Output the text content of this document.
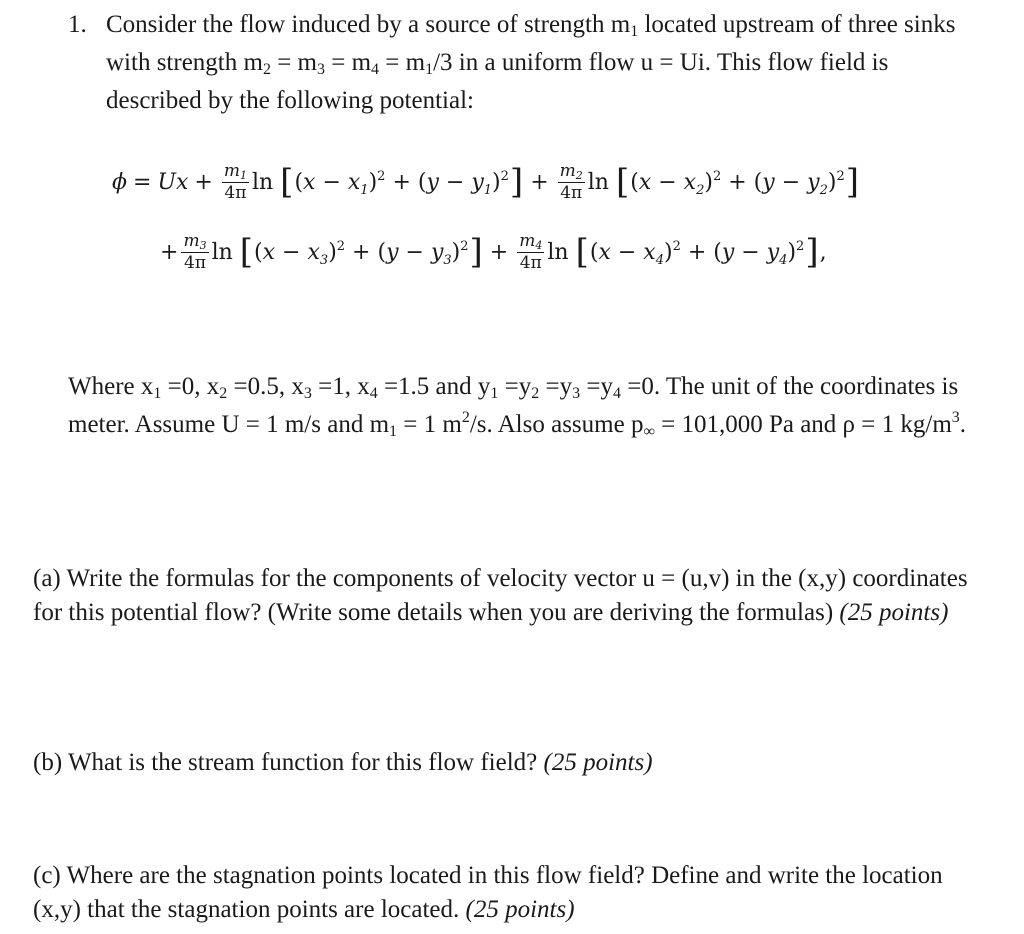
1. Consider the flow induced by a source of strength $m_1$ located upstream of three sinks with strength $m_2 = m_3 = m_4 = m_1/3$ in a uniform flow u = Ui. This flow field is described by the following potential:
$\phi = Ux + \frac{m_1}{4\pi}$ ln [ $(x - x_1)^2 + (y - y_1)^2$ ] + $\frac{m_2}{4\pi}$ ln [ $(x - x_2)^2 + (y - y_2)^2$ ]
+ $\frac{m_3}{4\pi}$ ln [ $(x - x_3)^2 + (y - y_3)^2$ ] + $\frac{m_4}{4\pi}$ ln [ $(x - x_4)^2 + (y - y_4)^2$ ] ,
Where $x_1 =0$, $x_2 =0.5$, $x_3 =1$, $x_4 =1.5$ and $y_1 =y_2 =y_3 =y_4 =0$. The unit of the coordinates is meter. Assume U = 1 m/s and $m_1 = 1$ $m^2/s$. Also assume $p_\infty = 101,000$ Pa and ρ = 1 $kg/m^3$.
(a) Write the formulas for the components of velocity vector u = (u,v) in the (x,y) coordinates for this potential flow? (Write some details when you are deriving the formulas) (25 points)
(b) What is the stream function for this flow field? (25 points)
(c) Where are the stagnation points located in this flow field? Define and write the location (x,y) that the stagnation points are located. (25 points)
